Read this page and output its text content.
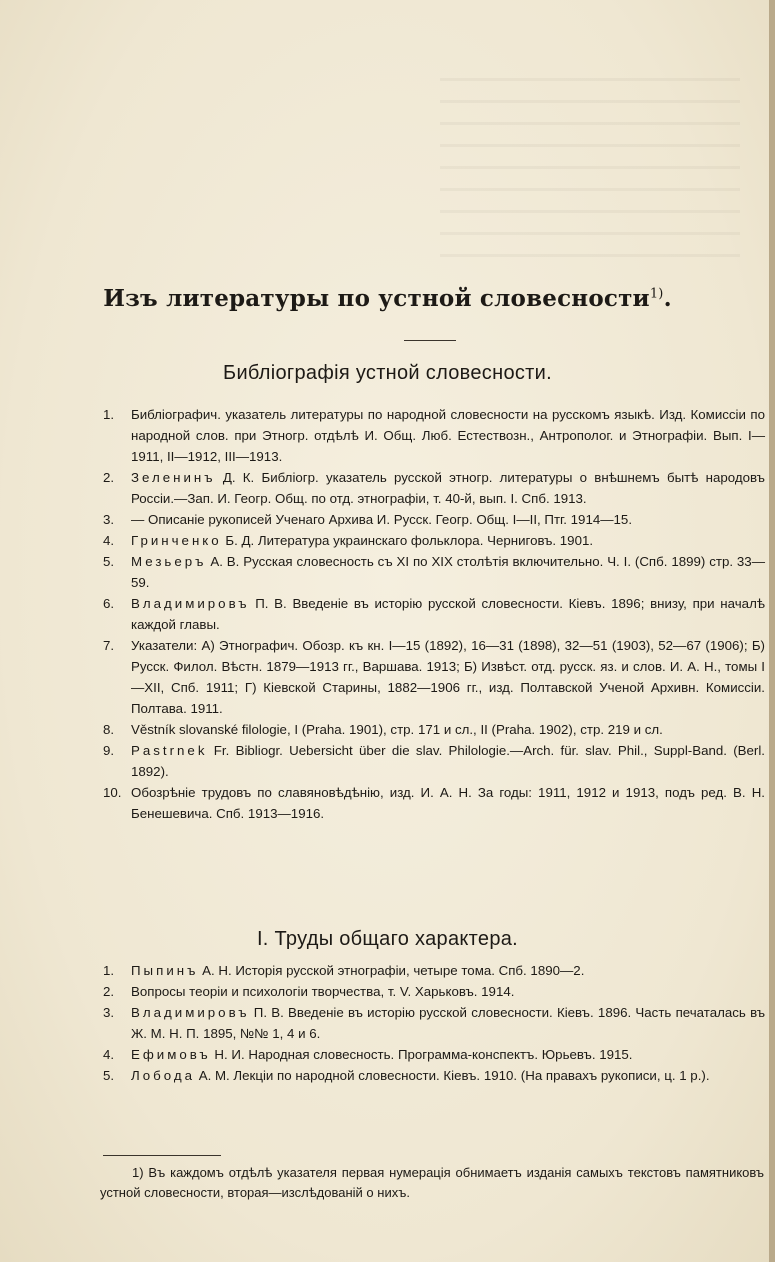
Изъ литературы по устной словесности$^{1)}$.
Библіографія устной словесности.
1. Библіографич. указатель литературы по народной словесности на русскомъ языкѣ. Изд. Комиссіи по народной слов. при Этногр. отдѣлѣ И. Общ. Люб. Естествозн., Антрополог. и Этнографіи. Вып. I—1911, II—1912, III—1913.
2. Зеленинъ Д. К. Библіогр. указатель русской этногр. литературы о внѣшнемъ бытѣ народовъ Россіи.—Зап. И. Геогр. Общ. по отд. этнографіи, т. 40-й, вып. I. Спб. 1913.
3. — Описаніе рукописей Ученаго Архива И. Русск. Геогр. Общ. I—II, Птг. 1914—15.
4. Гринченко Б. Д. Литература украинскаго фольклора. Черниговъ. 1901.
5. Мезьеръ А. В. Русская словесность съ XI по XIX столѣтія включительно. Ч. I. (Спб. 1899) стр. 33—59.
6. Владимировъ П. В. Введеніе въ исторію русской словесности. Кіевъ. 1896; внизу, при началѣ каждой главы.
7. Указатели: А) Этнографич. Обозр. къ кн. I—15 (1892), 16—31 (1898), 32—51 (1903), 52—67 (1906); Б) Русск. Филол. Вѣстн. 1879—1913 гг., Варшава. 1913; Б) Извѣст. отд. русск. яз. и слов. И. А. Н., томы I—XII, Спб. 1911; Г) Кіевской Старины, 1882—1906 гг., изд. Полтавской Ученой Архивн. Комиссіи. Полтава. 1911.
8. Věstník slovanské filologie, I (Praha. 1901), стр. 171 и сл., II (Praha. 1902), стр. 219 и сл.
9. Pastrnek Fr. Bibliogr. Uebersicht über die slav. Philologie.—Arch. für. slav. Phil., Suppl-Band. (Berl. 1892).
10. Обозрѣніе трудовъ по славяновѣдѣнію, изд. И. А. Н. За годы: 1911, 1912 и 1913, подъ ред. В. Н. Бенешевича. Спб. 1913—1916.
I. Труды общаго характера.
1. Пыпинъ А. Н. Исторія русской этнографіи, четыре тома. Спб. 1890—2.
2. Вопросы теоріи и психологіи творчества, т. V. Харьковъ. 1914.
3. Владимировъ П. В. Введеніе въ исторію русской словесности. Кіевъ. 1896. Часть печаталась въ Ж. М. Н. П. 1895, №№ 1, 4 и 6.
4. Ефимовъ Н. И. Народная словесность. Программа-конспектъ. Юрьевъ. 1915.
5. Лобода А. М. Лекціи по народной словесности. Кіевъ. 1910. (На правахъ рукописи, ц. 1 р.).
1) Въ каждомъ отдѣлѣ указателя первая нумерація обнимаетъ изданія самыхъ текстовъ памятниковъ устной словесности, вторая—изслѣдованій о нихъ.
